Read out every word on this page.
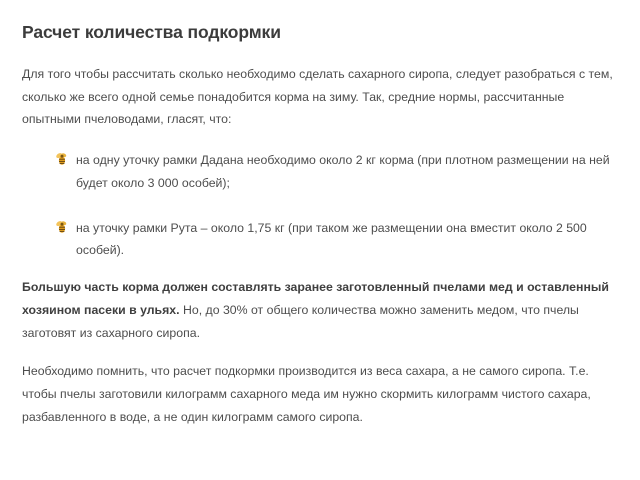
Расчет количества подкормки

Для того чтобы рассчитать сколько необходимо сделать сахарного сиропа, следует разобраться с тем, сколько же всего одной семье понадобится корма на зиму. Так, средние нормы, рассчитанные опытными пчеловодами, гласят, что:

на одну уточку рамки Дадана необходимо около 2 кг корма (при плотном размещении на ней будет около 3 000 особей);
на уточку рамки Рута – около 1,75 кг (при таком же размещении она вместит около 2 500 особей).

Большую часть корма должен составлять заранее заготовленный пчелами мед и оставленный хозяином пасеки в ульях. Но, до 30% от общего количества можно заменить медом, что пчелы заготовят из сахарного сиропа.

Необходимо помнить, что расчет подкормки производится из веса сахара, а не самого сиропа. Т.е. чтобы пчелы заготовили килограмм сахарного меда им нужно скормить килограмм чистого сахара, разбавленного в воде, а не один килограмм самого сиропа.
